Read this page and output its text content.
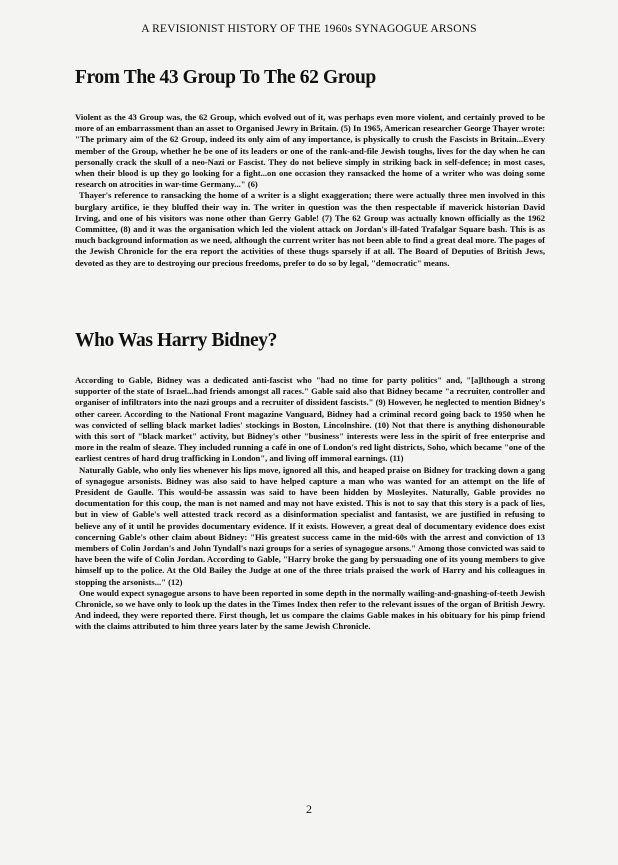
A REVISIONIST HISTORY OF THE 1960s SYNAGOGUE ARSONS
From The 43 Group To The 62 Group

Violent as the 43 Group was, the 62 Group, which evolved out of it, was perhaps even more violent, and certainly proved to be more of an embarrassment than an asset to Organised Jewry in Britain. (5) In 1965, American researcher George Thayer wrote: "The primary aim of the 62 Group, indeed its only aim of any importance, is physically to crush the Fascists in Britain...Every member of the Group, whether he be one of its leaders or one of the rank-and-file Jewish toughs, lives for the day when he can personally crack the skull of a neo-Nazi or Fascist. They do not believe simply in striking back in self-defence; in most cases, when their blood is up they go looking for a fight...on one occasion they ransacked the home of a writer who was doing some research on atrocities in war-time Germany..." (6)

Thayer's reference to ransacking the home of a writer is a slight exaggeration; there were actually three men involved in this burglary artifice, ie they bluffed their way in. The writer in question was the then respectable if maverick historian David Irving, and one of his visitors was none other than Gerry Gable! (7) The 62 Group was actually known officially as the 1962 Committee, (8) and it was the organisation which led the violent attack on Jordan's ill-fated Trafalgar Square bash. This is as much background information as we need, although the current writer has not been able to find a great deal more. The pages of the Jewish Chronicle for the era report the activities of these thugs sparsely if at all. The Board of Deputies of British Jews, devoted as they are to destroying our precious freedoms, prefer to do so by legal, "democratic" means.

Who Was Harry Bidney?

According to Gable, Bidney was a dedicated anti-fascist who "had no time for party politics" and, "[a]lthough a strong supporter of the state of Israel...had friends amongst all races." Gable said also that Bidney became "a recruiter, controller and organiser of infiltrators into the nazi groups and a recruiter of dissident fascists." (9) However, he neglected to mention Bidney's other career. According to the National Front magazine Vanguard, Bidney had a criminal record going back to 1950 when he was convicted of selling black market ladies' stockings in Boston, Lincolnshire. (10) Not that there is anything dishonourable with this sort of "black market" activity, but Bidney's other "business" interests were less in the spirit of free enterprise and more in the realm of sleaze. They included running a café in one of London's red light districts, Soho, which became "one of the earliest centres of hard drug trafficking in London", and living off immoral earnings. (11)

Naturally Gable, who only lies whenever his lips move, ignored all this, and heaped praise on Bidney for tracking down a gang of synagogue arsonists. Bidney was also said to have helped capture a man who was wanted for an attempt on the life of President de Gaulle. This would-be assassin was said to have been hidden by Mosleyites. Naturally, Gable provides no documentation for this coup, the man is not named and may not have existed. This is not to say that this story is a pack of lies, but in view of Gable's well attested track record as a disinformation specialist and fantasist, we are justified in refusing to believe any of it until he provides documentary evidence. If it exists. However, a great deal of documentary evidence does exist concerning Gable's other claim about Bidney: "His greatest success came in the mid-60s with the arrest and conviction of 13 members of Colin Jordan's and John Tyndall's nazi groups for a series of synagogue arsons." Among those convicted was said to have been the wife of Colin Jordan. According to Gable, "Harry broke the gang by persuading one of its young members to give himself up to the police. At the Old Bailey the Judge at one of the three trials praised the work of Harry and his colleagues in stopping the arsonists..." (12)

One would expect synagogue arsons to have been reported in some depth in the normally wailing-and-gnashing-of-teeth Jewish Chronicle, so we have only to look up the dates in the Times Index then refer to the relevant issues of the organ of British Jewry. And indeed, they were reported there. First though, let us compare the claims Gable makes in his obituary for his pimp friend with the claims attributed to him three years later by the same Jewish Chronicle.

2
